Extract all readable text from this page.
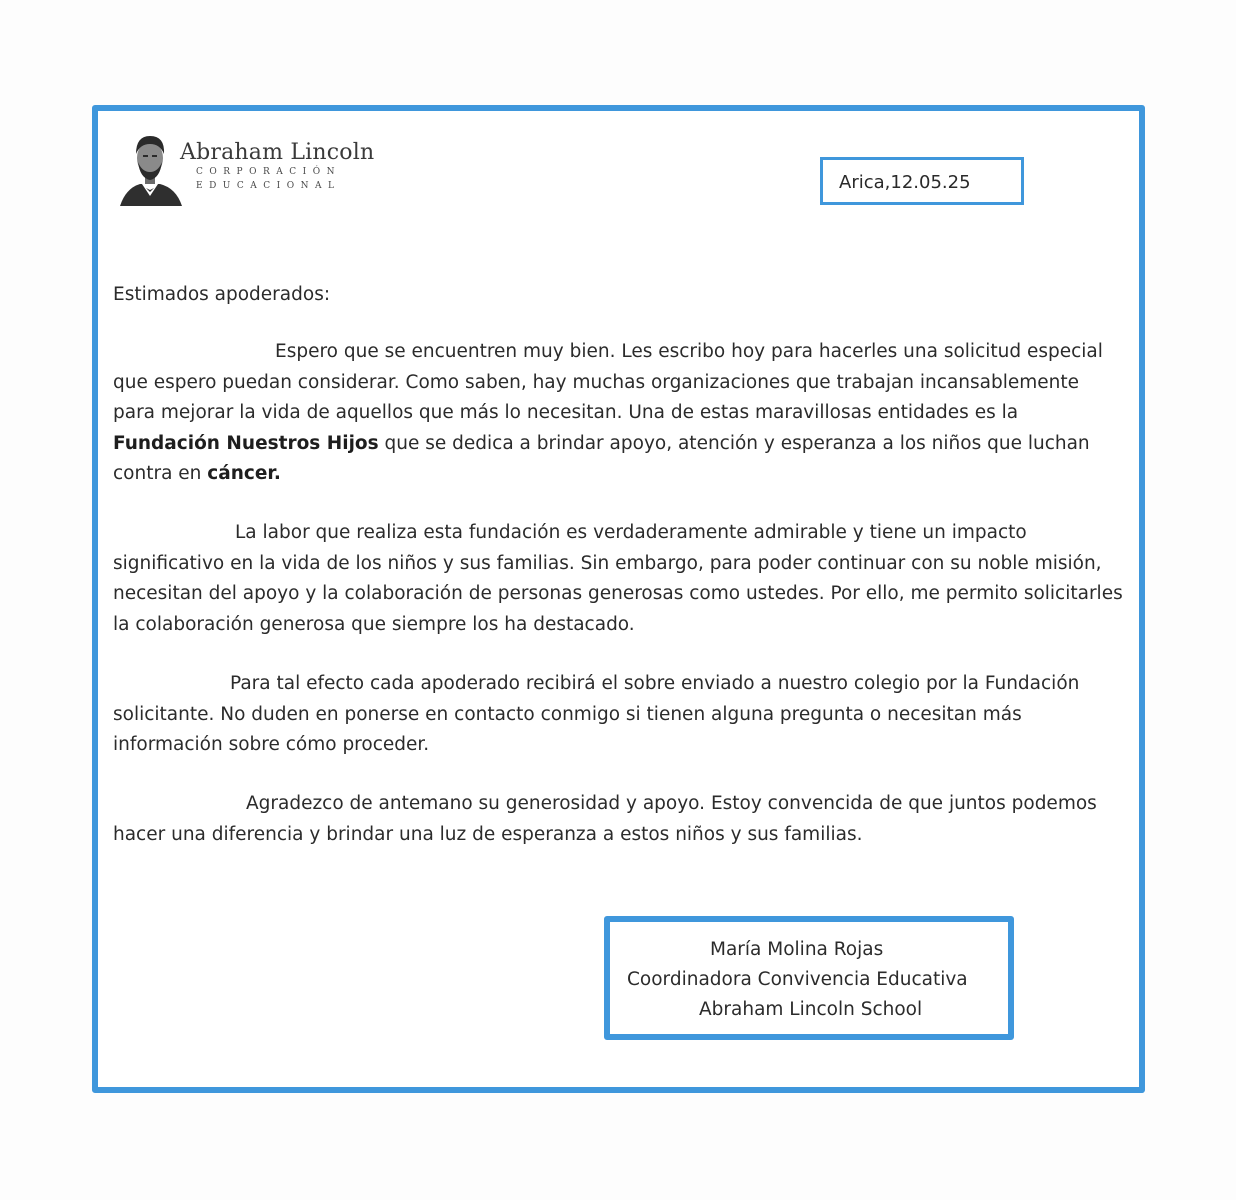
Abraham Lincoln
CORPORACIÓN
EDUCACIONAL	Arica,12.05.25
Estimados apoderados:

Espero que se encuentren muy bien. Les escribo hoy para hacerles una solicitud especial que espero puedan considerar. Como saben, hay muchas organizaciones que trabajan incansablemente para mejorar la vida de aquellos que más lo necesitan. Una de estas maravillosas entidades es la Fundación Nuestros Hijos que se dedica a brindar apoyo, atención y esperanza a los niños que luchan contra en cáncer.

La labor que realiza esta fundación es verdaderamente admirable y tiene un impacto significativo en la vida de los niños y sus familias. Sin embargo, para poder continuar con su noble misión, necesitan del apoyo y la colaboración de personas generosas como ustedes. Por ello, me permito solicitarles la colaboración generosa que siempre los ha destacado.

Para tal efecto cada apoderado recibirá el sobre enviado a nuestro colegio por la Fundación solicitante. No duden en ponerse en contacto conmigo si tienen alguna pregunta o necesitan más información sobre cómo proceder.

Agradezco de antemano su generosidad y apoyo. Estoy convencida de que juntos podemos hacer una diferencia y brindar una luz de esperanza a estos niños y sus familias.

María Molina Rojas
Coordinadora Convivencia Educativa
Abraham Lincoln School
